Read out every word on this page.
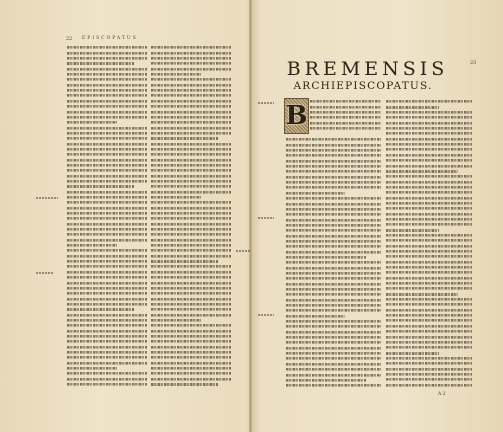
22 EPISCOPATUS
23
BREMENSIS
ARCHIEPISCOPATUS.
B
A 2
